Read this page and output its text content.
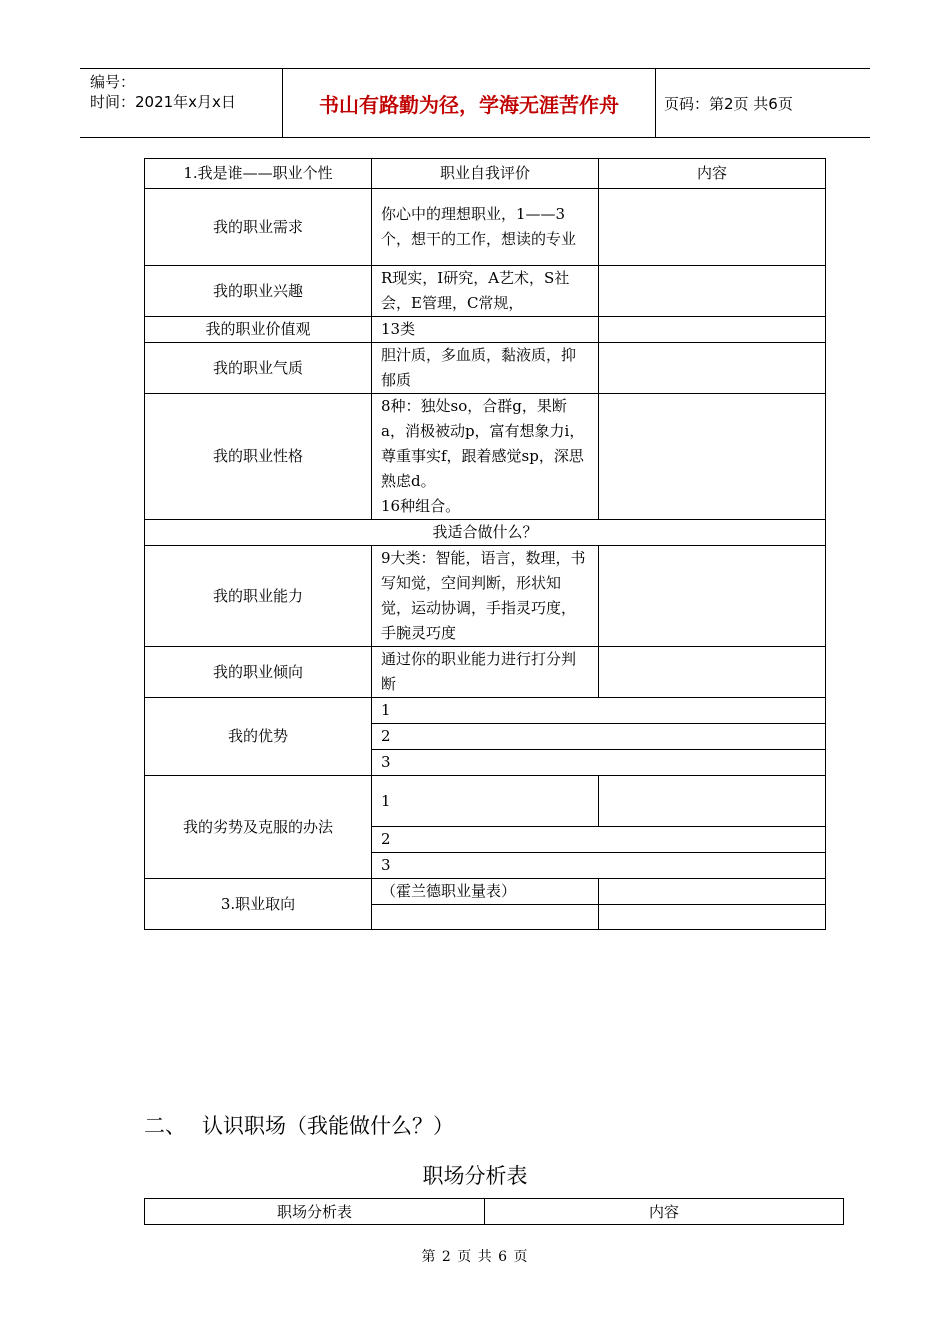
编号：
时间：2021年x月x日	书山有路勤为径，学海无涯苦作舟	页码：第2页 共6页
1.我是谁——职业个性	职业自我评价	内容
我的职业需求	你心中的理想职业，1——3个，想干的工作，想读的专业	
我的职业兴趣	R现实，I研究，A艺术，S社会，E管理，C常规，	
我的职业价值观	13类	
我的职业气质	胆汁质，多血质，黏液质，抑郁质	
我的职业性格	8种：独处so，合群g，果断a，消极被动p，富有想象力i，尊重事实f，跟着感觉sp，深思熟虑d。
16种组合。	

我适合做什么？		
我的职业能力	9大类：智能，语言，数理，书写知觉，空间判断，形状知觉，运动协调，手指灵巧度，手腕灵巧度	
我的职业倾向	通过你的职业能力进行打分判断	
我的优势	1	
	2	
	3	
我的劣势及克服的办法	1	
	2	
	3	
3.职业取向	（霍兰德职业量表）	

二、 认识职场（我能做什么？）
职场分析表
职场分析表	内容
第 2 页 共 6 页
